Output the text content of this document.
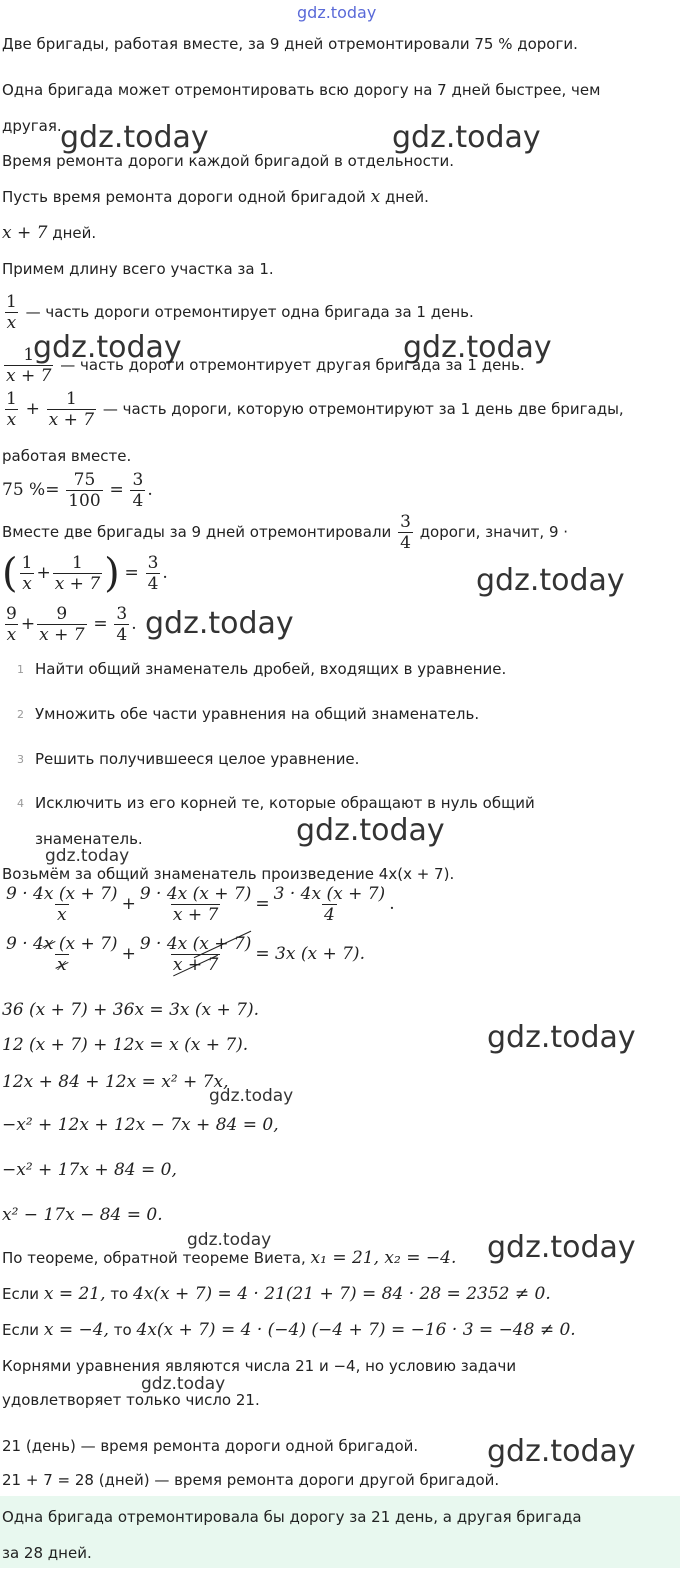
gdz.today
Две бригады, работая вместе, за 9 дней отремонтировали 75 % дороги.
Одна бригада может отремонтировать всю дорогу на 7 дней быстрее, чем
другая.
gdz.today	gdz.today
Время ремонта дороги каждой бригадой в отдельности.
Пусть время ремонта дороги одной бригадой x дней.
x + 7 дней.
Примем длину всего участка за 1.
$\frac{1}{x}$ — часть дороги отремонтирует одна бригада за 1 день.
gdz.today	gdz.today
$\frac{1}{x + 7}$ — часть дороги отремонтирует другая бригада за 1 день.
$\frac{1}{x} + \frac{1}{x + 7}$ — часть дороги, которую отремонтируют за 1 день две бригады,
работая вместе.
75 %= $\frac{75}{100} = \frac{3}{4}$ .
Вместе две бригады за 9 дней отремонтировали $\frac{3}{4}$ дороги, значит, 9 ·
( $\frac{1}{x} + \frac{1}{x + 7}$ ) = $\frac{3}{4}$ .	gdz.today
$\frac{9}{x} + \frac{9}{x + 7} = \frac{3}{4}$ . gdz.today
1 Найти общий знаменатель дробей, входящих в уравнение.
2 Умножить обе части уравнения на общий знаменатель.
3 Решить получившееся целое уравнение.
4 Исключить из его корней те, которые обращают в нуль общий
знаменатель.	gdz.today
gdz.today
Возьмём за общий знаменатель произведение 4x(x + 7).
$\frac{9 \cdot 4x (x + 7)}{x} + \frac{9 \cdot 4x (x + 7)}{x + 7} = \frac{3 \cdot 4x (x + 7)}{4}$ .
$\frac{9 \cdot 4x (x + 7)}{x} + \frac{9 \cdot 4x (x + 7)}{x + 7} = 3x$ (x + 7).
36 (x + 7) + 36x = 3x (x + 7).
gdz.today
12 (x + 7) + 12x = x (x + 7).
12x + 84 + 12x = x² + 7x,
gdz.today
−x² + 12x + 12x − 7x + 84 = 0,
−x² + 17x + 84 = 0,
x² − 17x − 84 = 0.
gdz.today
По теореме, обратной теореме Виета, x₁ = 21, x₂ = −4. gdz.today
Если x = 21, то 4x(x + 7) = 4 · 21(21 + 7) = 84 · 28 = 2352 ≠ 0.
Если x = −4, то 4x(x + 7) = 4 · (−4) (−4 + 7) = −16 · 3 = −48 ≠ 0.
Корнями уравнения являются числа 21 и −4, но условию задачи
gdz.today
удовлетворяет только число 21.
21 (день) — время ремонта дороги одной бригадой. gdz.today
21 + 7 = 28 (дней) — время ремонта дороги другой бригадой.
Одна бригада отремонтировала бы дорогу за 21 день, а другая бригада
за 28 дней.
